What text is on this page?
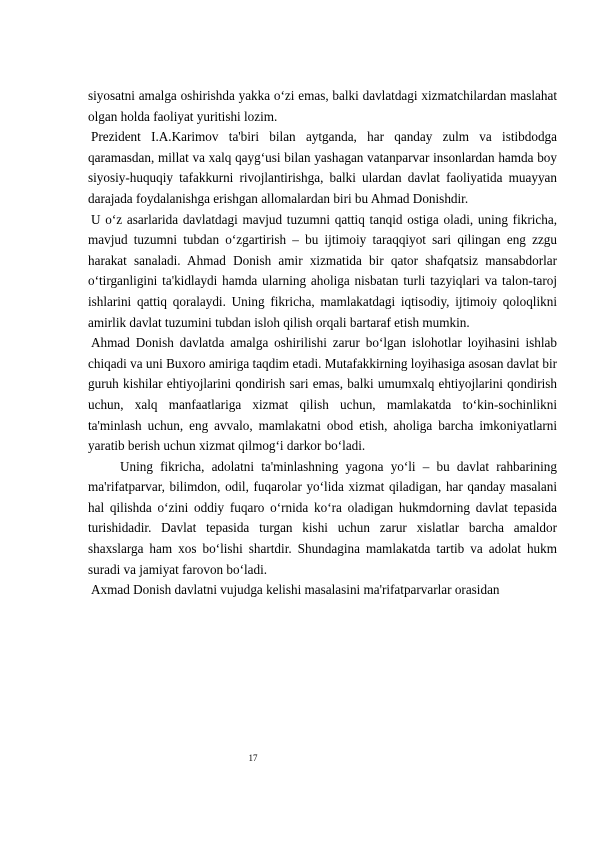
siyosatni amalga oshirishda yakka o‘zi emas, balki davlatdagi xizmatchilardan maslahat olgan holda faoliyat yuritishi lozim.

Prezident I.A.Karimov ta'biri bilan aytganda, har qanday zulm va istibdodga qaramasdan, millat va xalq qayg‘usi bilan yashagan vatanparvar insonlardan hamda boy siyosiy-huquqiy tafakkurni rivojlantirishga, balki ulardan davlat faoliyatida muayyan darajada foydalanishga erishgan allomalardan biri bu Ahmad Donishdir.

U o‘z asarlarida davlatdagi mavjud tuzumni qattiq tanqid ostiga oladi, uning fikricha, mavjud tuzumni tubdan o‘zgartirish – bu ijtimoiy taraqqiyot sari qilingan eng zzgu harakat sanaladi. Ahmad Donish amir xizmatida bir qator shafqatsiz mansabdorlar o‘tirganligini ta'kidlaydi hamda ularning aholiga nisbatan turli tazyiqlari va talon-taroj ishlarini qattiq qoralaydi. Uning fikricha, mamlakatdagi iqtisodiy, ijtimoiy qoloqlikni amirlik davlat tuzumini tubdan isloh qilish orqali bartaraf etish mumkin.

Ahmad Donish davlatda amalga oshirilishi zarur bo‘lgan islohotlar loyihasini ishlab chiqadi va uni Buxoro amiriga taqdim etadi. Mutafakkirning loyihasiga asosan davlat bir guruh kishilar ehtiyojlarini qondirish sari emas, balki umumxalq ehtiyojlarini qondirish uchun, xalq manfaatlariga xizmat qilish uchun, mamlakatda to‘kin-sochinlikni ta'minlash uchun, eng avvalo, mamlakatni obod etish, aholiga barcha imkoniyatlarni yaratib berish uchun xizmat qilmog‘i darkor bo‘ladi.

Uning fikricha, adolatni ta'minlashning yagona yo‘li – bu davlat rahbarining ma'rifatparvar, bilimdon, odil, fuqarolar yo‘lida xizmat qiladigan, har qanday masalani hal qilishda o‘zini oddiy fuqaro o‘rnida ko‘ra oladigan hukmdorning davlat tepasida turishidadir. Davlat tepasida turgan kishi uchun zarur xislatlar barcha amaldor shaxslarga ham xos bo‘lishi shartdir. Shundagina mamlakatda tartib va adolat hukm suradi va jamiyat farovon bo‘ladi.

Axmad Donish davlatni vujudga kelishi masalasini ma'rifatparvarlar orasidan

17
